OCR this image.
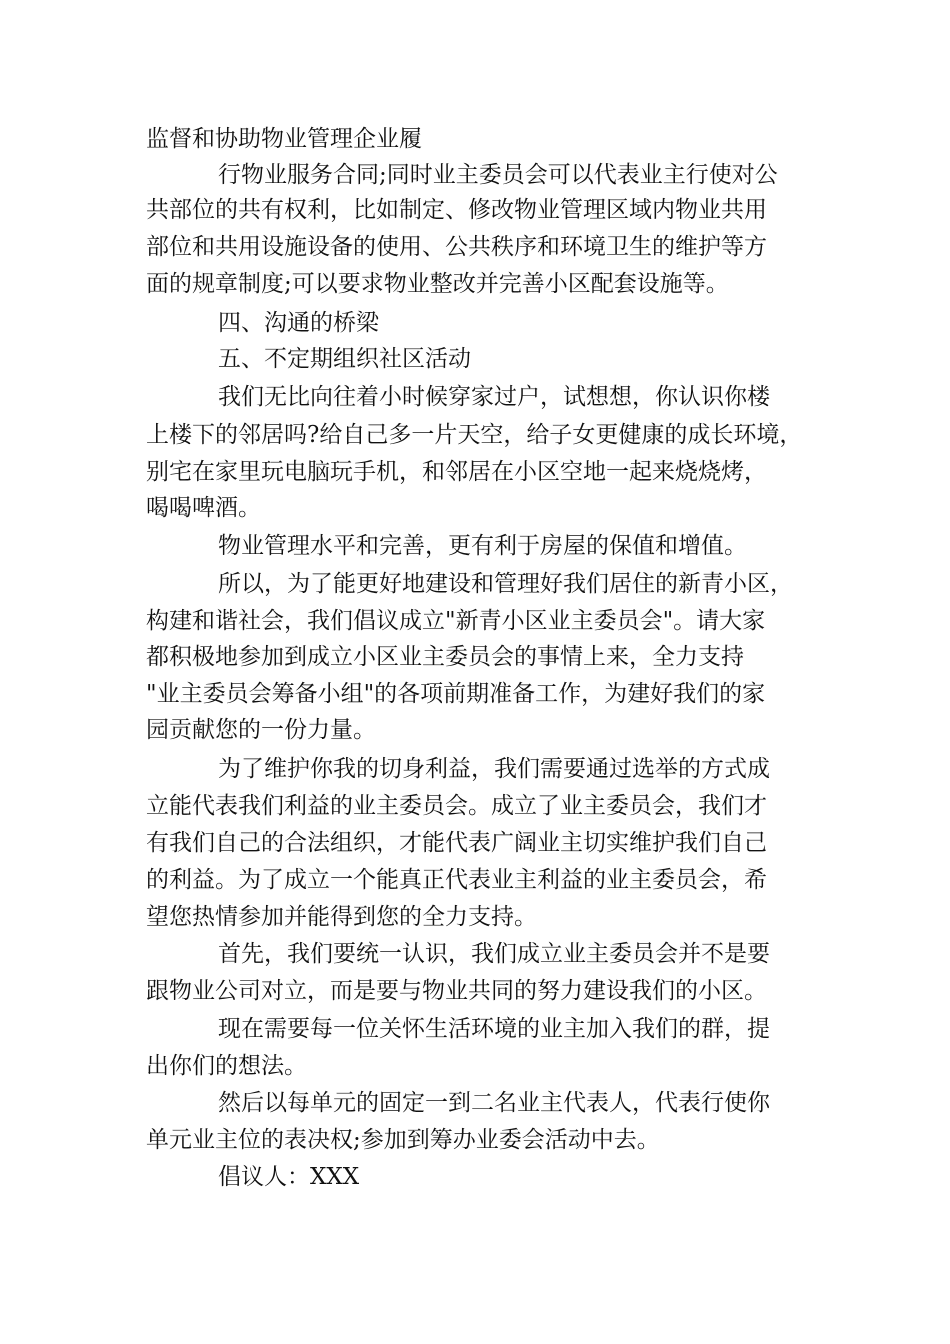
监督和协助物业管理企业履
行物业服务合同;同时业主委员会可以代表业主行使对公
共部位的共有权利，比如制定、修改物业管理区域内物业共用
部位和共用设施设备的使用、公共秩序和环境卫生的维护等方
面的规章制度;可以要求物业整改并完善小区配套设施等。
四、沟通的桥梁
五、不定期组织社区活动
我们无比向往着小时候穿家过户，试想想，你认识你楼
上楼下的邻居吗?给自己多一片天空，给子女更健康的成长环境，
别宅在家里玩电脑玩手机，和邻居在小区空地一起来烧烧烤，
喝喝啤酒。
物业管理水平和完善，更有利于房屋的保值和增值。
所以，为了能更好地建设和管理好我们居住的新青小区，
构建和谐社会，我们倡议成立"新青小区业主委员会"。请大家
都积极地参加到成立小区业主委员会的事情上来，全力支持
"业主委员会筹备小组"的各项前期准备工作，为建好我们的家
园贡献您的一份力量。
为了维护你我的切身利益，我们需要通过选举的方式成
立能代表我们利益的业主委员会。成立了业主委员会，我们才
有我们自己的合法组织，才能代表广阔业主切实维护我们自己
的利益。为了成立一个能真正代表业主利益的业主委员会，希
望您热情参加并能得到您的全力支持。
首先，我们要统一认识，我们成立业主委员会并不是要
跟物业公司对立，而是要与物业共同的努力建设我们的小区。
现在需要每一位关怀生活环境的业主加入我们的群，提
出你们的想法。
然后以每单元的固定一到二名业主代表人，代表行使你
单元业主位的表决权;参加到筹办业委会活动中去。
倡议人：XXX
